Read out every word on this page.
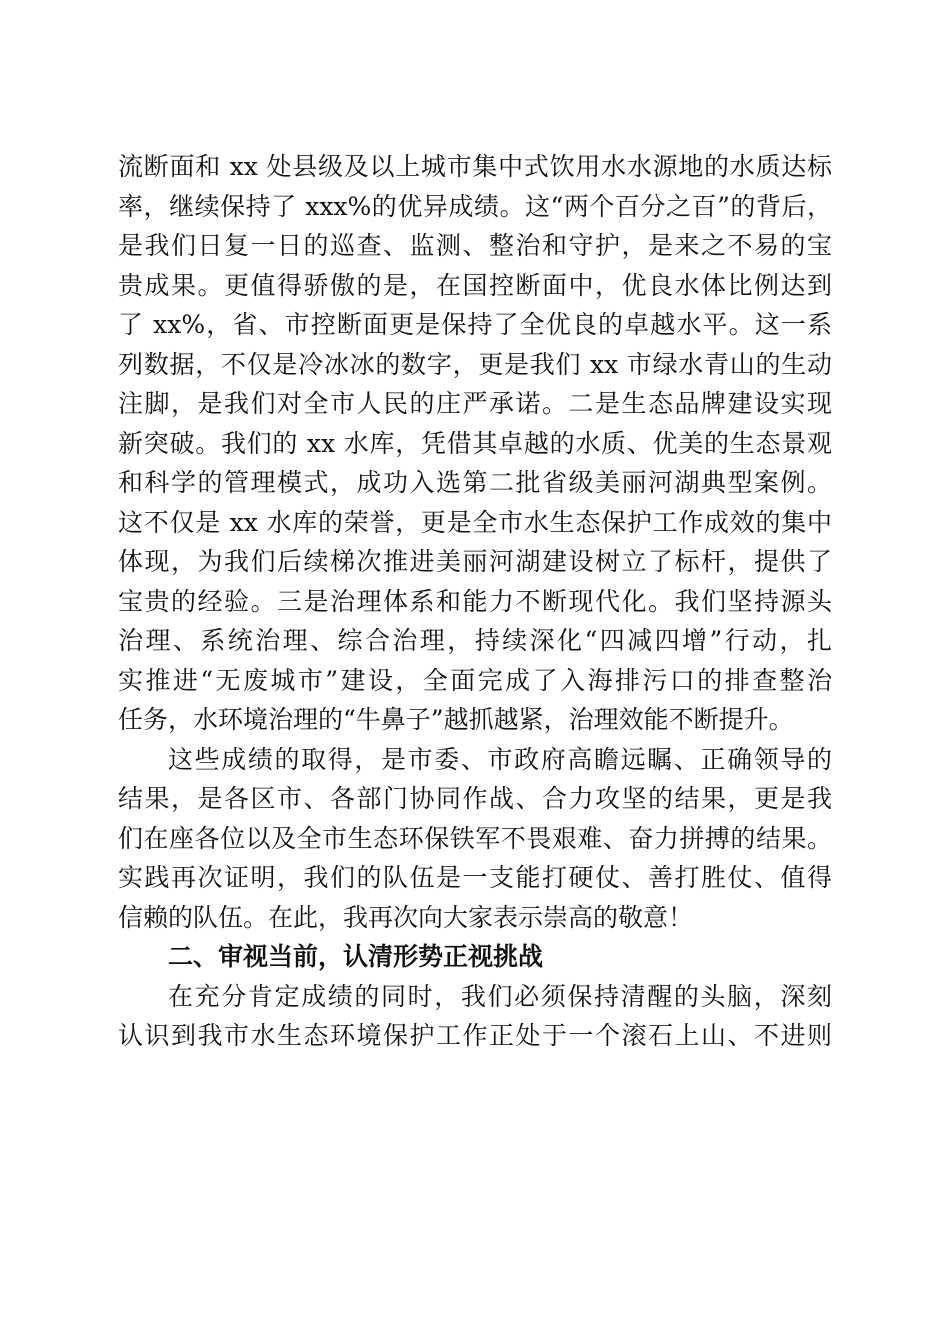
流断面和 xx 处县级及以上城市集中式饮用水水源地的水质达标
率，继续保持了 xxx%的优异成绩。这“两个百分之百”的背后，
是我们日复一日的巡查、监测、整治和守护，是来之不易的宝
贵成果。更值得骄傲的是，在国控断面中，优良水体比例达到
了 xx%，省、市控断面更是保持了全优良的卓越水平。这一系
列数据，不仅是冷冰冰的数字，更是我们 xx 市绿水青山的生动
注脚，是我们对全市人民的庄严承诺。二是生态品牌建设实现
新突破。我们的 xx 水库，凭借其卓越的水质、优美的生态景观
和科学的管理模式，成功入选第二批省级美丽河湖典型案例。
这不仅是 xx 水库的荣誉，更是全市水生态保护工作成效的集中
体现，为我们后续梯次推进美丽河湖建设树立了标杆，提供了
宝贵的经验。三是治理体系和能力不断现代化。我们坚持源头
治理、系统治理、综合治理，持续深化“四减四增”行动，扎
实推进“无废城市”建设，全面完成了入海排污口的排查整治
任务，水环境治理的“牛鼻子”越抓越紧，治理效能不断提升。
这些成绩的取得，是市委、市政府高瞻远瞩、正确领导的
结果，是各区市、各部门协同作战、合力攻坚的结果，更是我
们在座各位以及全市生态环保铁军不畏艰难、奋力拼搏的结果。
实践再次证明，我们的队伍是一支能打硬仗、善打胜仗、值得
信赖的队伍。在此，我再次向大家表示崇高的敬意！
二、审视当前，认清形势正视挑战
在充分肯定成绩的同时，我们必须保持清醒的头脑，深刻
认识到我市水生态环境保护工作正处于一个滚石上山、不进则
